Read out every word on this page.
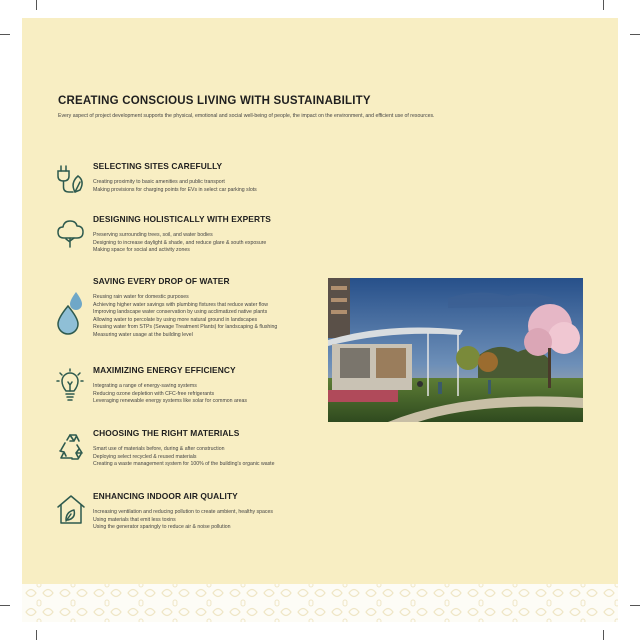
CREATING CONSCIOUS LIVING WITH SUSTAINABILITY
Every aspect of project development supports the physical, emotional and social well-being of people, the impact on the environment, and efficient use of resources.
SELECTING SITES CAREFULLY
Creating proximity to basic amenities and public transport
Making provisions for charging points for EVs in select car parking slots
DESIGNING HOLISTICALLY WITH EXPERTS
Preserving surrounding trees, soil, and water bodies
Designing to increase daylight & shade, and reduce glare & south exposure
Making space for social and activity zones
SAVING EVERY DROP OF WATER
Reusing rain water for domestic purposes
Achieving higher water savings with plumbing fixtures that reduce water flow
Improving landscape water conservation by using acclimatized native plants
Allowing water to percolate by using more natural ground in landscapes
Reusing water from STPs (Sewage Treatment Plants) for landscaping & flushing
Measuring water usage at the building level
MAXIMIZING ENERGY EFFICIENCY
Integrating a range of energy-saving systems
Reducing ozone depletion with CFC-free refrigerants
Leveraging renewable energy systems like solar for common areas
CHOOSING THE RIGHT MATERIALS
Smart use of materials before, during & after construction
Deploying select recycled & reused materials
Creating a waste management system for 100% of the building's organic waste
ENHANCING INDOOR AIR QUALITY
Increasing ventilation and reducing pollution to create ambient, healthy spaces
Using materials that emit less toxins
Using the generator sparingly to reduce air & noise pollution
